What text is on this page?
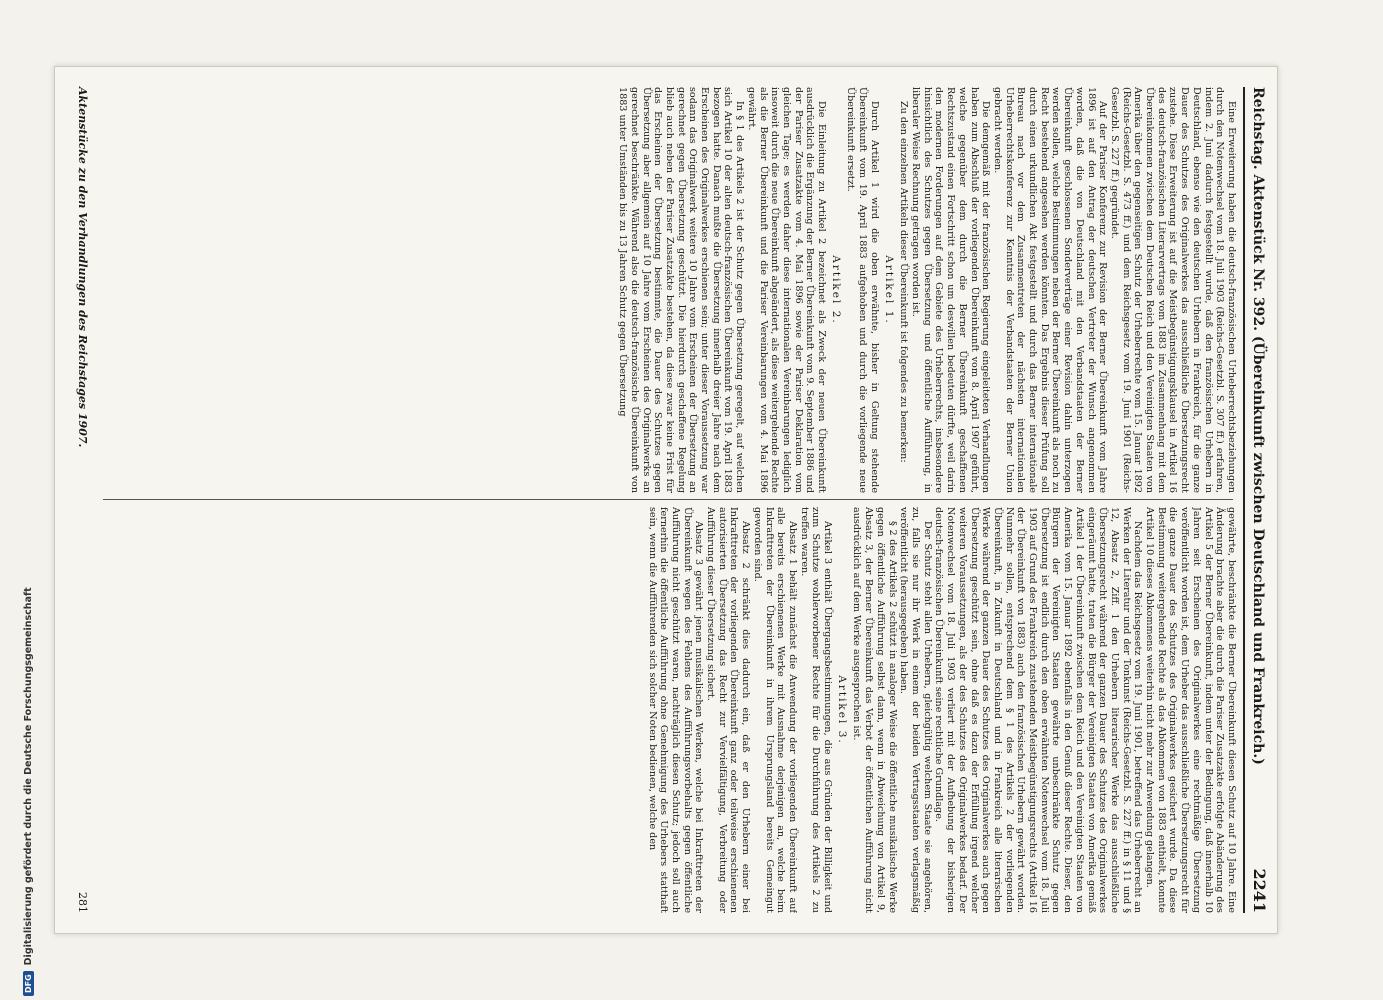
Reichstag. Aktenstück Nr. 392. (Übereinkunft zwischen Deutschland und Frankreich.)
2241

Eine Erweiterung haben die deutsch-französischen Urheberrechtsbeziehungen durch den Notenwechsel vom 18. Juli 1903 (Reichs-Gesetzbl. S. 307 ff.) erfahren, indem 2. Juni dadurch festgestellt wurde, daß den französischen Urhebern in Deutschland, ebenso wie den deutschen Urhebern in Frankreich, für die ganze Dauer des Schutzes des Originalwerkes das ausschließliche Übersetzungsrecht zustehe. Diese Erweiterung ist auf die Meistbegünstigungsklausel in Artikel 16 des deutsch-französischen Literarvertrags vom 1883 im Zusammenhang mit dem Übereinkommen zwischen dem Deutschen Reich und den Vereinigten Staaten von Amerika über den gegenseitigen Schutz der Urheberrechte vom 15. Januar 1892 (Reichs-Gesetzbl. S. 473 ff.) und dem Reichsgesetz vom 19. Juni 1901 (Reichs-Gesetzbl. S. 227 ff.) gegründet.

Auf der Pariser Konferenz zur Revision der Berner Übereinkunft vom Jahre 1896 ist auf den Antrag der deutschen Vertreter der Wunsch angenommen worden, daß die von Deutschland mit den Verbandstaaten der Berner Übereinkunft geschlossenen Sonderverträge einer Revision dahin unterzogen werden sollen, welche Bestimmungen neben der Berner Übereinkunft als noch zu Recht bestehend angesehen werden könnten. Das Ergebnis dieser Prüfung soll durch einen urkundlichen Akt festgestellt und durch das Berner internationale Bureau nach vor dem Zusammentreten der nächsten internationalen Urheberrechtskonferenz zur Kenntnis der Verbandstaaten der Berner Union gebracht werden.

Die demgemäß mit der französischen Regierung eingeleiteten Verhandlungen haben zum Abschluß der vorliegenden Übereinkunft vom 8. April 1907 geführt, welche gegenüber dem durch die Berner Übereinkunft geschaffenen Rechtszustand einen Fortschritt schon um deswillen bedeuten dürfte, weil darin den modernen Forderungen auf dem Gebiete des Urheberrechts, insbesondere hinsichtlich des Schutzes gegen Übersetzung und öffentliche Aufführung, in liberaler Weise Rechnung getragen worden ist.

Zu den einzelnen Artikeln dieser Übereinkunft ist folgendes zu bemerken:

Artikel 1.

Durch Artikel 1 wird die oben erwähnte, bisher in Geltung stehende Übereinkunft vom 19. April 1883 aufgehoben und durch die vorliegende neue Übereinkunft ersetzt.

Artikel 2.

Die Einleitung zu Artikel 2 bezeichnet als Zweck der neuen Übereinkunft ausdrücklich die Ergänzung der Berner Übereinkunft vom 9. September 1886 und der Pariser Zusatzakte vom 4. Mai 1896 sowie der Pariser Deklaration vom gleichen Tage; es werden daher diese internationalen Vereinbarungen lediglich insoweit durch die neue Übereinkunft abgeändert, als diese weitergehende Rechte als die Berner Übereinkunft und die Pariser Vereinbarungen vom 4. Mai 1896 gewährt.

In § 1 des Artikels 2 ist der Schutz gegen Übersetzung geregelt, auf welchen sich Artikel 10 der alten deutsch-französischen Übereinkunft vom 19. April 1883 bezogen hatte. Danach mußte die Übersetzung innerhalb dreier Jahre nach dem Erscheinen des Originalwerkes erschienen sein; unter dieser Voraussetzung war sodann das Originalwerk weitere 10 Jahre vom Erscheinen der Übersetzung an gerechnet gegen Übersetzung geschützt. Die hierdurch geschaffene Regelung blieb auch neben der Pariser Zusatzakte bestehen, da diese zwar keine Frist für das Erscheinen der Übersetzung bestimmte, die Dauer des Schutzes gegen Übersetzung aber allgemein auf 10 Jahre vom Erscheinen des Originalwerks an gerechnet beschränkte. Während also die deutsch-französische Übereinkunft von 1883 unter Umständen bis zu 13 Jahren Schutz gegen Übersetzung

gewährte, beschränkte die Berner Übereinkunft diesen Schutz auf 10 Jahre. Eine Änderung brachte aber die durch die Pariser Zusatzakte erfolgte Abänderung des Artikel 5 der Berner Übereinkunft, indem unter der Bedingung, daß innerhalb 10 Jahren seit Erscheinen des Originalwerkes eine rechtmäßige Übersetzung veröffentlicht worden ist, dem Urheber das ausschließliche Übersetzungsrecht für die ganze Dauer des Schutzes des Originalwerkes gesichert wurde. Da diese Bestimmung weitergehende Rechte als das Abkommen von 1883 enthielt, konnte Artikel 10 dieses Abkommens weiterhin nicht mehr zur Anwendung gelangen.

Nachdem das Reichsgesetz vom 19. Juni 1901, betreffend das Urheberrecht an Werken der Literatur und der Tonkunst (Reichs-Gesetzbl. S. 227 ff.) in § 11 und § 12, Absatz 2, Ziff. 1 den Urhebern literarischer Werke das ausschließliche Übersetzungsrecht während der ganzen Dauer des Schutzes des Originalwerkes eingeräumt hatte, traten die Bürger der Vereinigten Staaten von Amerika gemäß Artikel 1 der Übereinkunft zwischen dem Reich und den Vereinigten Staaten von Amerika vom 15. Januar 1892 ebenfalls in den Genuß dieser Rechte. Dieser, den Bürgern der Vereinigten Staaten gewährte unbeschränkte Schutz gegen Übersetzung ist endlich durch den oben erwähnten Notenwechsel vom 18. Juli 1903 auf Grund des Frankreich zustehenden Meistbegünstigungsrechts (Artikel 16 der Übereinkunft von 1883) auch den französischen Urhebern gewährt worden. Nunmehr sollen, entsprechend dem § 1 des Artikels 2 der vorliegenden Übereinkunft, in Zukunft in Deutschland und in Frankreich alle literarischen Werke während der ganzen Dauer des Schutzes des Originalwerkes auch gegen Übersetzung geschützt sein, ohne daß es dazu der Erfüllung irgend welcher weiteren Voraussetzungen, als der des Schutzes des Originalwerkes bedarf. Der Notenwechsel vom 18. Juli 1903 verliert mit der Aufhebung der bisherigen deutsch-französischen Übereinkunft seine rechtliche Grundlage.

Der Schutz steht allen Urhebern, gleichgültig welchem Staate sie angehören, zu, falls sie nur ihr Werk in einem der beiden Vertragsstaaten verlagsmäßig veröffentlicht (herausgegeben) haben.

§ 2 des Artikels 2 schützt in analoger Weise die öffentliche musikalische Werke gegen öffentliche Aufführung selbst dann, wenn in Abweichung von Artikel 9, Absatz 3, der Berner Übereinkunft das Verbot der öffentlichen Aufführung nicht ausdrücklich auf dem Werke ausgesprochen ist.

Artikel 3.

Artikel 3 enthält Übergangsbestimmungen, die aus Gründen der Billigkeit und zum Schutze wohlerworbener Rechte für die Durchführung des Artikels 2 zu treffen waren.

Absatz 1 behält zunächst die Anwendung der vorliegenden Übereinkunft auf alle bereits erschienenen Werke mit Ausnahme derjenigen an, welche beim Inkrafttreten der Übereinkunft in ihrem Ursprungsland bereits Gemeingut geworden sind.

Absatz 2 schränkt dies dadurch ein, daß er den Urhebern einer bei Inkrafttreten der vorliegenden Übereinkunft ganz oder teilweise erschienenen autorisierten Übersetzung das Recht zur Vervielfältigung, Verbreitung oder Aufführung dieser Übersetzung sichert.

Absatz 3 gewährt jenen musikalischen Werken, welche bei Inkrafttreten der Übereinkunft wegen des Fehlens des Aufführungsvorbehalts gegen öffentliche Aufführung nicht geschützt waren, nachträglich diesen Schutz; jedoch soll auch fernerhin die öffentliche Aufführung ohne Genehmigung des Urhebers statthaft sein, wenn die Aufführenden sich solcher Noten bedienen, welche den

Aktenstücke zu den Verhandlungen des Reichstages 1907.
281
DFG
Digitalisierung gefördert durch die Deutsche Forschungsgemeinschaft
